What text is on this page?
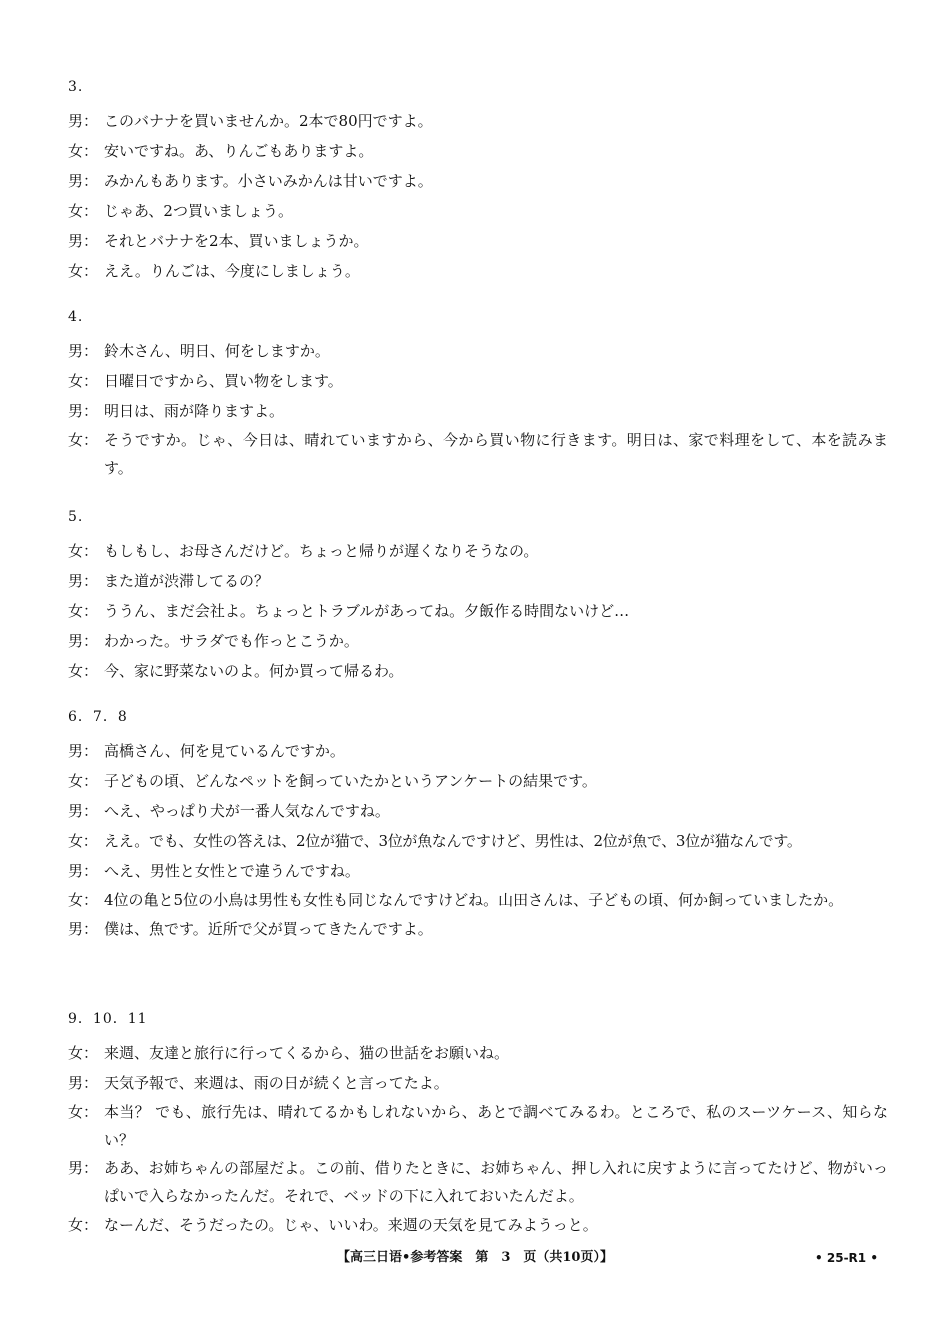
3.
男： このバナナを買いませんか。2本で80円ですよ。
女： 安いですね。あ、りんごもありますよ。
男： みかんもあります。小さいみかんは甘いですよ。
女： じゃあ、2つ買いましょう。
男： それとバナナを2本、買いましょうか。
女： ええ。りんごは、今度にしましょう。
4.
男： 鈴木さん、明日、何をしますか。
女： 日曜日ですから、買い物をします。
男： 明日は、雨が降りますよ。
女： そうですか。じゃ、今日は、晴れていますから、今から買い物に行きます。明日は、家で料理をして、本を読みます。
5.
女： もしもし、お母さんだけど。ちょっと帰りが遅くなりそうなの。
男： また道が渋滞してるの？
女： ううん、まだ会社よ。ちょっとトラブルがあってね。夕飯作る時間ないけど…
男： わかった。サラダでも作っとこうか。
女： 今、家に野菜ないのよ。何か買って帰るわ。
6．7．8
男： 高橋さん、何を見ているんですか。
女： 子どもの頃、どんなペットを飼っていたかというアンケートの結果です。
男： へえ、やっぱり犬が一番人気なんですね。
女： ええ。でも、女性の答えは、2位が猫で、3位が魚なんですけど、男性は、2位が魚で、3位が猫なんです。
男： へえ、男性と女性とで違うんですね。
女： 4位の亀と5位の小鳥は男性も女性も同じなんですけどね。山田さんは、子どもの頃、何か飼っていましたか。
男： 僕は、魚です。近所で父が買ってきたんですよ。
9．10．11
女： 来週、友達と旅行に行ってくるから、猫の世話をお願いね。
男： 天気予報で、来週は、雨の日が続くと言ってたよ。
女： 本当？ でも、旅行先は、晴れてるかもしれないから、あとで調べてみるわ。ところで、私のスーツケース、知らない？
男： ああ、お姉ちゃんの部屋だよ。この前、借りたときに、お姉ちゃん、押し入れに戻すように言ってたけど、物がいっぱいで入らなかったんだ。それで、ベッドの下に入れておいたんだよ。
女： なーんだ、そうだったの。じゃ、いいわ。来週の天気を見てみようっと。
【高三日语•参考答案　第　3　页（共10页）】	• 25-R1 •
